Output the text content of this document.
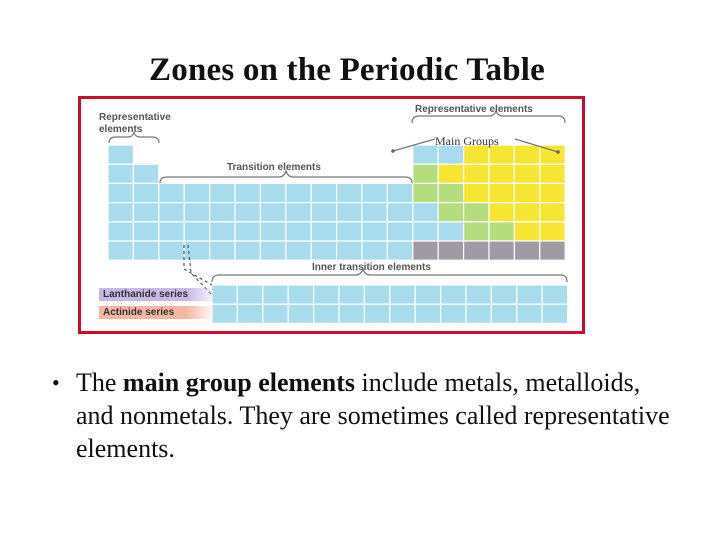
Zones on the Periodic Table
Representative
elements
Representative elements
Main Groups
Transition elements
Inner transition elements
Lanthanide series
Actinide series
• The main group elements include metals, metalloids, and nonmetals. They are sometimes called representative elements.
